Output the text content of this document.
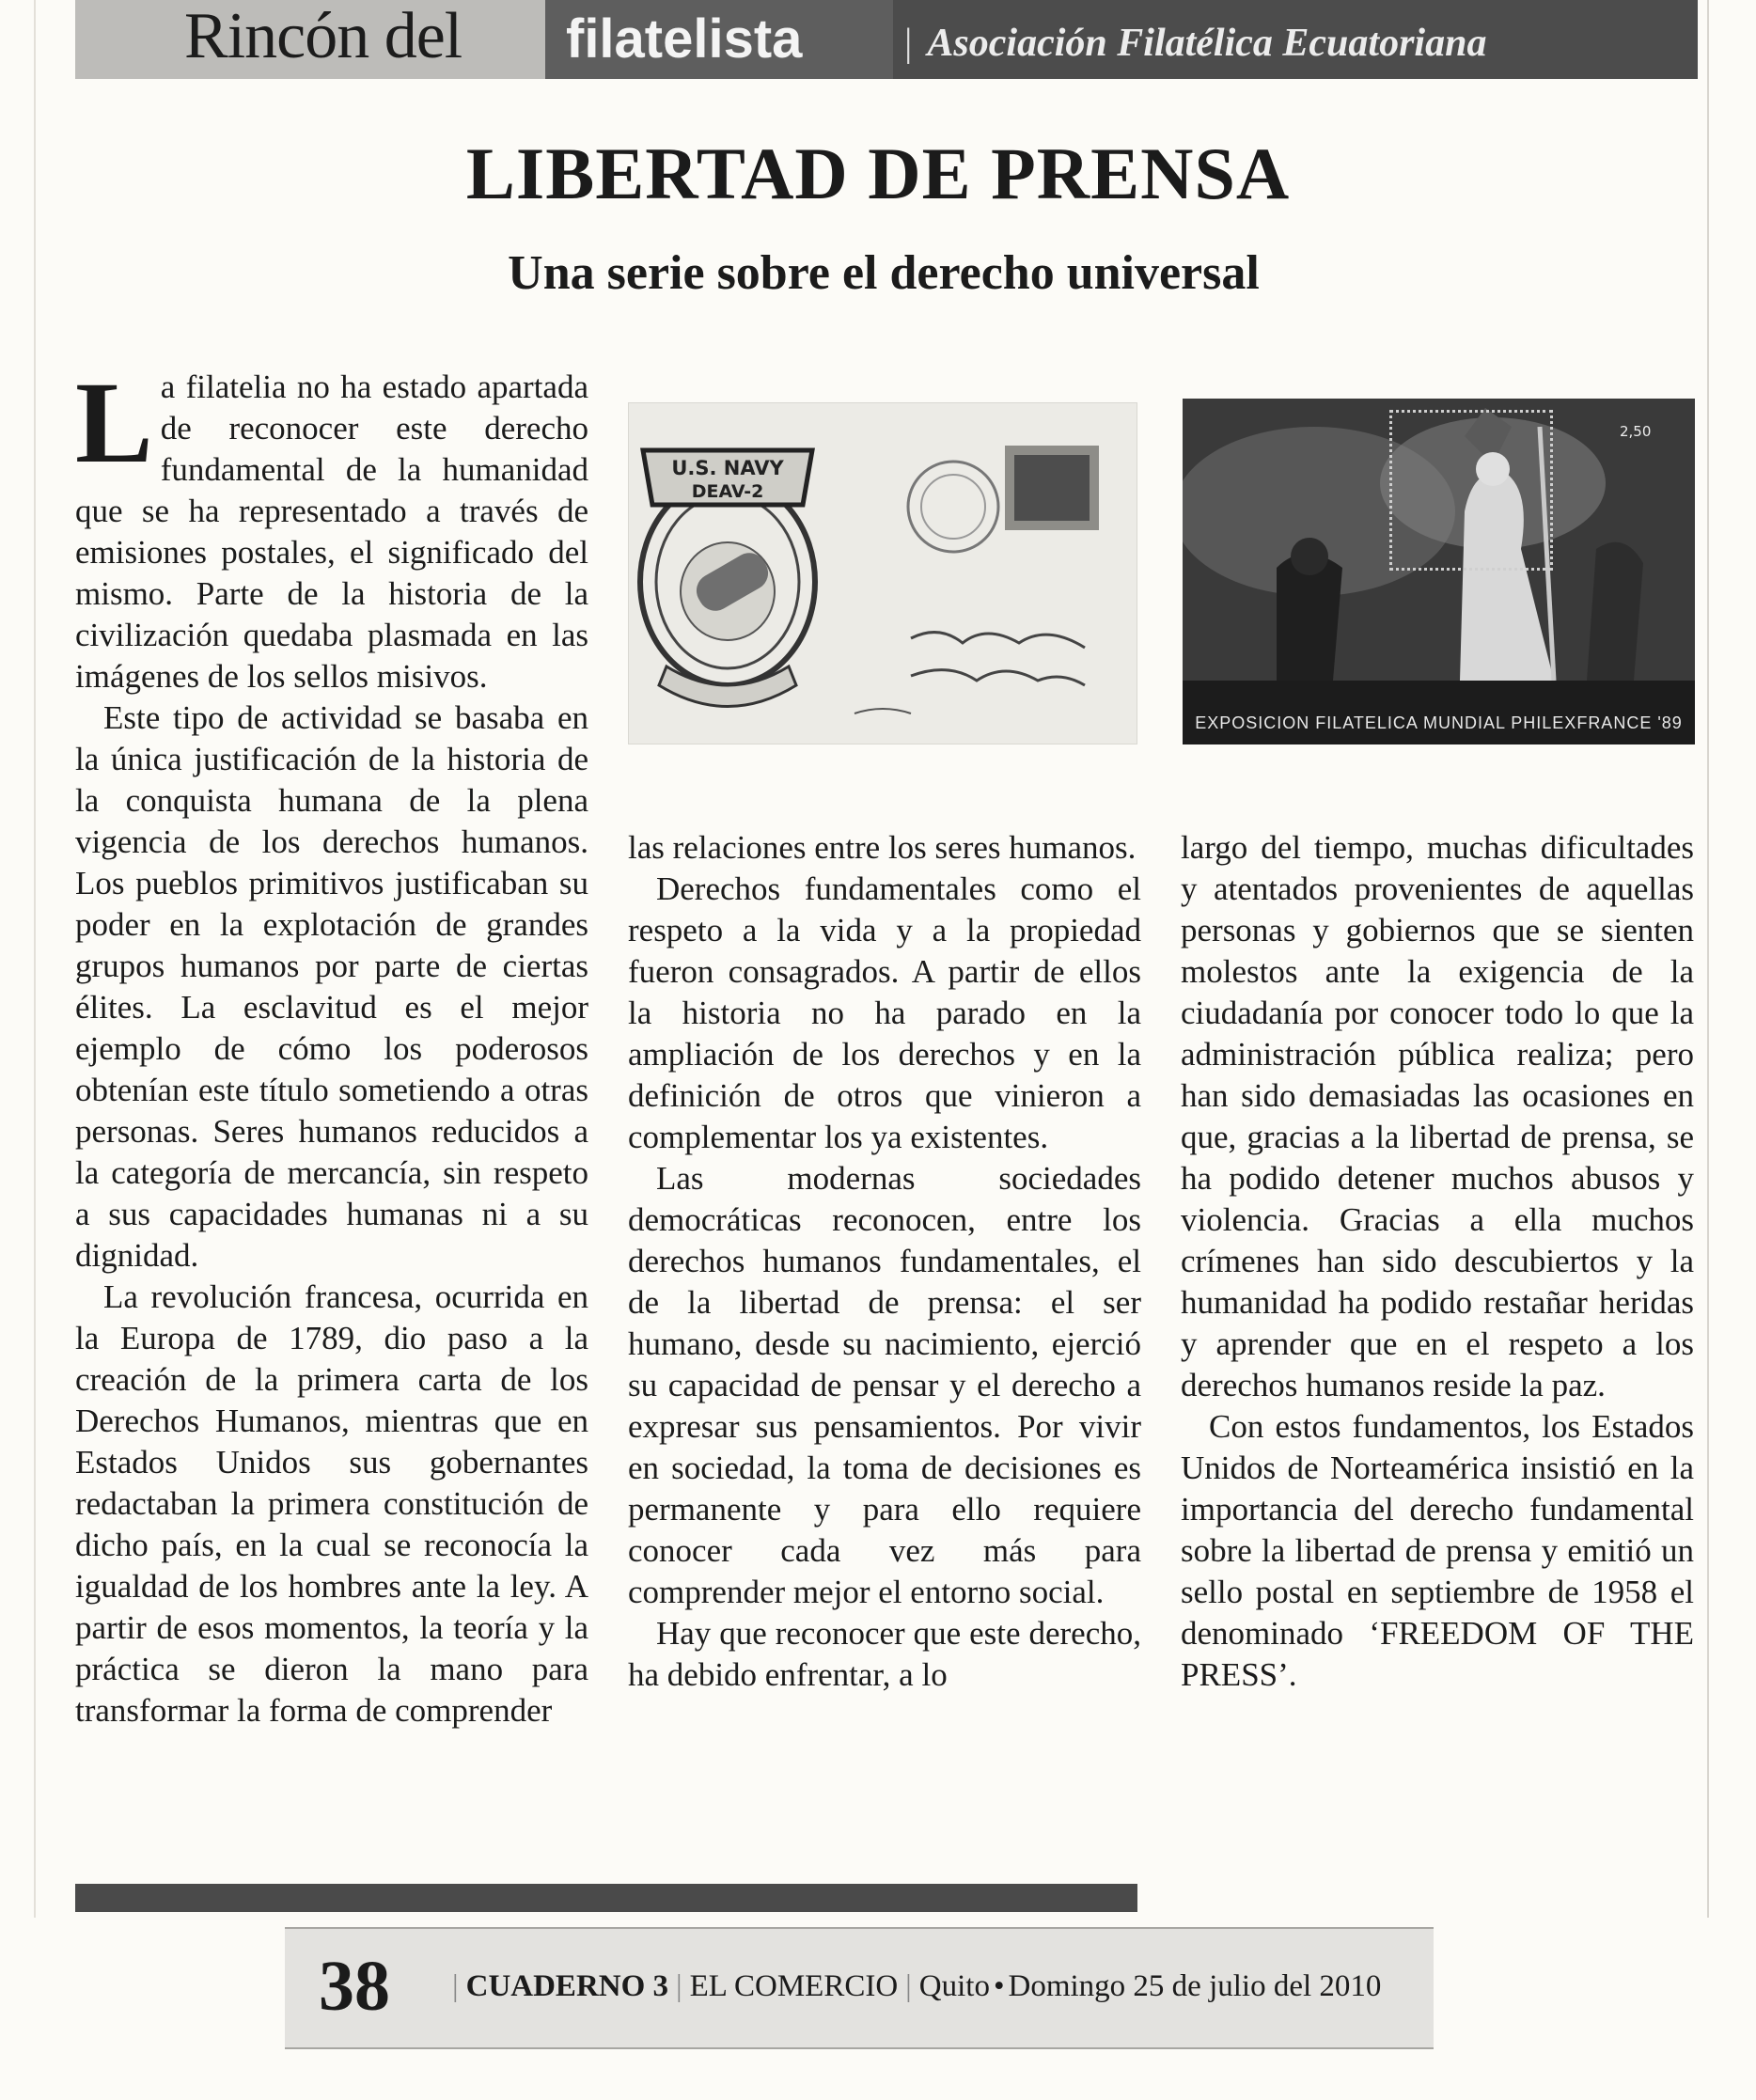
Rincón del	filatelista	| Asociación Filatélica Ecuatoriana
LIBERTAD DE PRENSA
Una serie sobre el derecho universal

La filatelia no ha estado apartada de reconocer este derecho fundamental de la humanidad que se ha representado a través de emisiones postales, el significado del mismo. Parte de la historia de la civilización quedaba plasmada en las imágenes de los sellos misivos.

Este tipo de actividad se basaba en la única justificación de la historia de la conquista humana de la plena vigencia de los derechos humanos. Los pueblos primitivos justificaban su poder en la explotación de grandes grupos humanos por parte de ciertas élites. La esclavitud es el mejor ejemplo de cómo los poderosos obtenían este título sometiendo a otras personas. Seres humanos reducidos a la categoría de mercancía, sin respeto a sus capacidades humanas ni a su dignidad.

La revolución francesa, ocurrida en la Europa de 1789, dio paso a la creación de la primera carta de los Derechos Humanos, mientras que en Estados Unidos sus gobernantes redactaban la primera constitución de dicho país, en la cual se reconocía la igualdad de los hombres ante la ley. A partir de esos momentos, la teoría y la práctica se dieron la mano para transformar la forma de comprender

U.S. NAVY
DEAV-2
2,50
EXPOSICION FILATELICA MUNDIAL PHILEXFRANCE '89

las relaciones entre los seres humanos.

Derechos fundamentales como el respeto a la vida y a la propiedad fueron consagrados. A partir de ellos la historia no ha parado en la ampliación de los derechos y en la definición de otros que vinieron a complementar los ya existentes.

Las modernas sociedades democráticas reconocen, entre los derechos humanos fundamentales, el de la libertad de prensa: el ser humano, desde su nacimiento, ejerció su capacidad de pensar y el derecho a expresar sus pensamientos. Por vivir en sociedad, la toma de decisiones es permanente y para ello requiere conocer cada vez más para comprender mejor el entorno social.

Hay que reconocer que este derecho, ha debido enfrentar, a lo

largo del tiempo, muchas dificultades y atentados provenientes de aquellas personas y gobiernos que se sienten molestos ante la exigencia de la ciudadanía por conocer todo lo que la administración pública realiza; pero han sido demasiadas las ocasiones en que, gracias a la libertad de prensa, se ha podido detener muchos abusos y violencia. Gracias a ella muchos crímenes han sido descubiertos y la humanidad ha podido restañar heridas y aprender que en el respeto a los derechos humanos reside la paz.

Con estos fundamentos, los Estados Unidos de Norteamérica insistió en la importancia del derecho fundamental sobre la libertad de prensa y emitió un sello postal en septiembre de 1958 el denominado ‘FREEDOM OF THE PRESS’.

38 | CUADERNO 3 | EL COMERCIO | Quito • Domingo 25 de julio del 2010
